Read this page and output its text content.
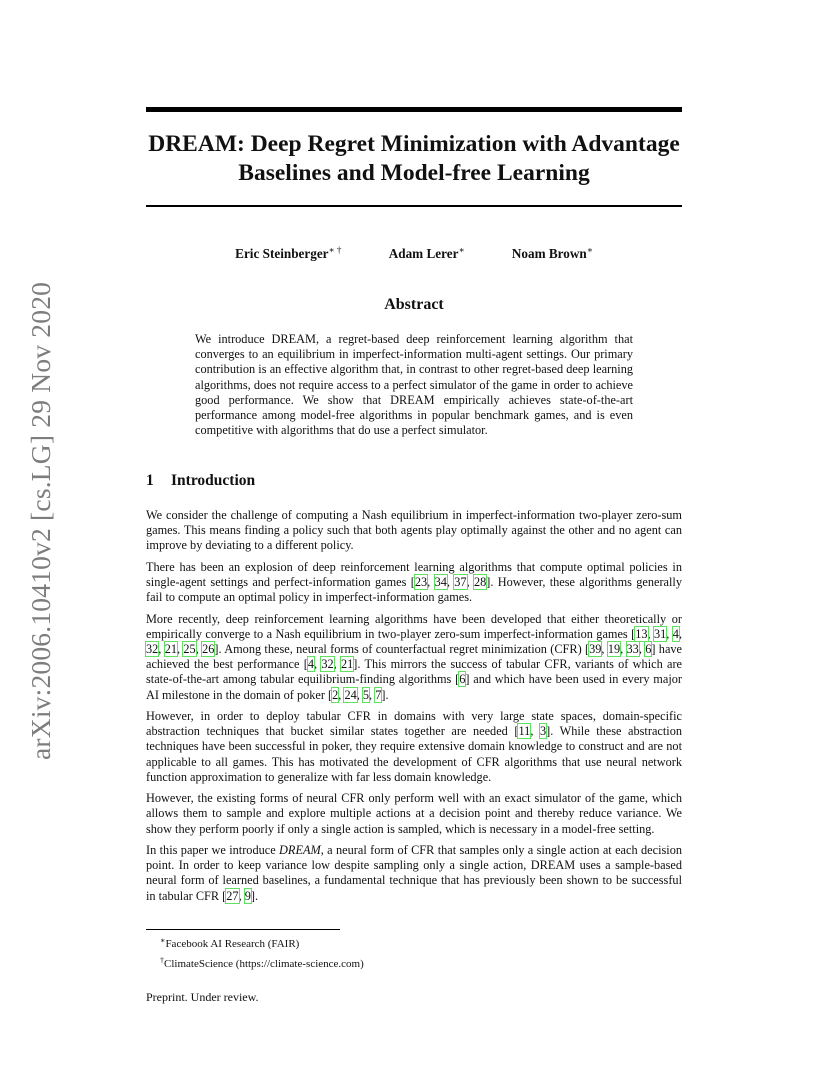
arXiv:2006.10410v2 [cs.LG] 29 Nov 2020
DREAM: Deep Regret Minimization with Advantage Baselines and Model-free Learning
Eric Steinberger∗ †	Adam Lerer∗	Noam Brown∗
Abstract

We introduce DREAM, a regret-based deep reinforcement learning algorithm that converges to an equilibrium in imperfect-information multi-agent settings. Our primary contribution is an effective algorithm that, in contrast to other regret-based deep learning algorithms, does not require access to a perfect simulator of the game in order to achieve good performance. We show that DREAM empirically achieves state-of-the-art performance among model-free algorithms in popular benchmark games, and is even competitive with algorithms that do use a perfect simulator.

1 Introduction

We consider the challenge of computing a Nash equilibrium in imperfect-information two-player zero-sum games. This means finding a policy such that both agents play optimally against the other and no agent can improve by deviating to a different policy.

There has been an explosion of deep reinforcement learning algorithms that compute optimal policies in single-agent settings and perfect-information games [23, 34, 37, 28]. However, these algorithms generally fail to compute an optimal policy in imperfect-information games.

More recently, deep reinforcement learning algorithms have been developed that either theoretically or empirically converge to a Nash equilibrium in two-player zero-sum imperfect-information games [13, 31, 4, 32, 21, 25, 26]. Among these, neural forms of counterfactual regret minimization (CFR) [39, 19, 33, 6] have achieved the best performance [4, 32, 21]. This mirrors the success of tabular CFR, variants of which are state-of-the-art among tabular equilibrium-finding algorithms [6] and which have been used in every major AI milestone in the domain of poker [2, 24, 5, 7].

However, in order to deploy tabular CFR in domains with very large state spaces, domain-specific abstraction techniques that bucket similar states together are needed [11, 3]. While these abstraction techniques have been successful in poker, they require extensive domain knowledge to construct and are not applicable to all games. This has motivated the development of CFR algorithms that use neural network function approximation to generalize with far less domain knowledge.

However, the existing forms of neural CFR only perform well with an exact simulator of the game, which allows them to sample and explore multiple actions at a decision point and thereby reduce variance. We show they perform poorly if only a single action is sampled, which is necessary in a model-free setting.

In this paper we introduce DREAM, a neural form of CFR that samples only a single action at each decision point. In order to keep variance low despite sampling only a single action, DREAM uses a sample-based neural form of learned baselines, a fundamental technique that has previously been shown to be successful in tabular CFR [27, 9].

∗Facebook AI Research (FAIR)
†ClimateScience (https://climate-science.com)
Preprint. Under review.
